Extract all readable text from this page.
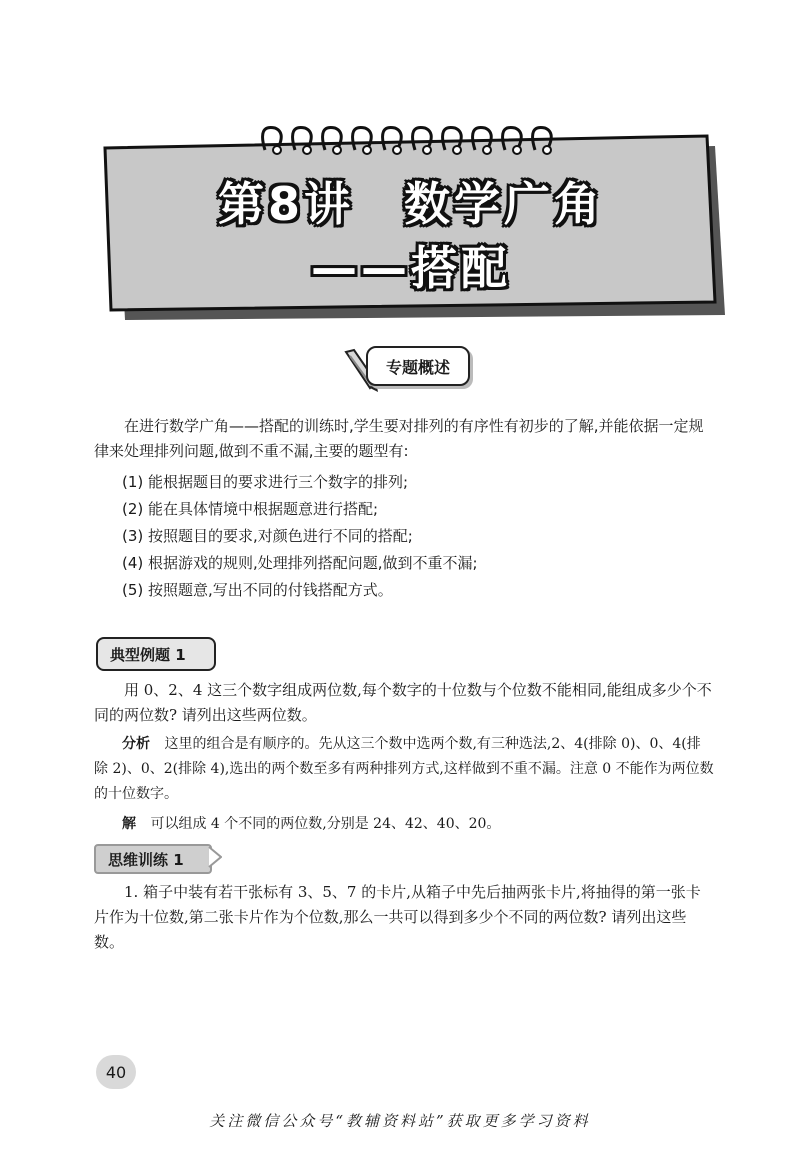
第8讲　数学广角
——搭配
专题概述
在进行数学广角——搭配的训练时,学生要对排列的有序性有初步的了解,并能依据一定规律来处理排列问题,做到不重不漏,主要的题型有:
(1) 能根据题目的要求进行三个数字的排列;
(2) 能在具体情境中根据题意进行搭配;
(3) 按照题目的要求,对颜色进行不同的搭配;
(4) 根据游戏的规则,处理排列搭配问题,做到不重不漏;
(5) 按照题意,写出不同的付钱搭配方式。
典型例题 1
用 0、2、4 这三个数字组成两位数,每个数字的十位数与个位数不能相同,能组成多少个不同的两位数? 请列出这些两位数。
分析 这里的组合是有顺序的。先从这三个数中选两个数,有三种选法,2、4(排除 0)、0、4(排除 2)、0、2(排除 4),选出的两个数至多有两种排列方式,这样做到不重不漏。注意 0 不能作为两位数的十位数字。
解 可以组成 4 个不同的两位数,分别是 24、42、40、20。
思维训练 1
1. 箱子中装有若干张标有 3、5、7 的卡片,从箱子中先后抽两张卡片,将抽得的第一张卡片作为十位数,第二张卡片作为个位数,那么一共可以得到多少个不同的两位数? 请列出这些数。
40
关注微信公众号“教辅资料站”获取更多学习资料
